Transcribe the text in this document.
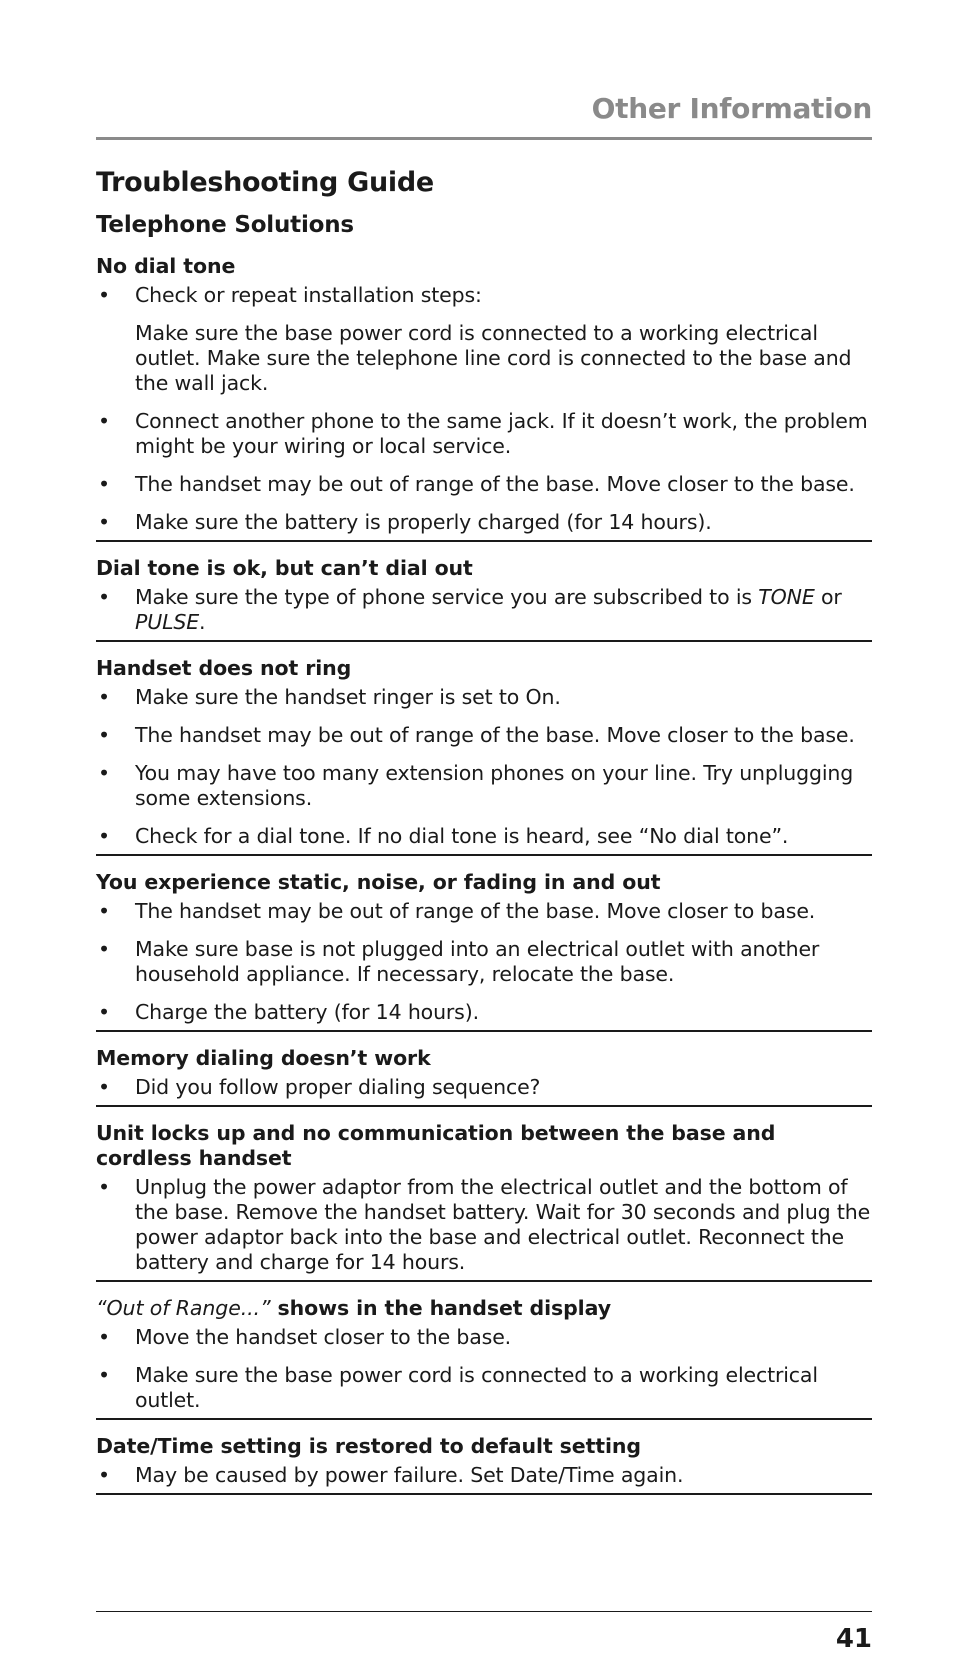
Other Information
Troubleshooting Guide
Telephone Solutions
No dial tone
• Check or repeat installation steps:
Make sure the base power cord is connected to a working electrical outlet. Make sure the telephone line cord is connected to the base and the wall jack.
• Connect another phone to the same jack. If it doesn’t work, the problem might be your wiring or local service.
• The handset may be out of range of the base. Move closer to the base.
• Make sure the battery is properly charged (for 14 hours).
Dial tone is ok, but can’t dial out
• Make sure the type of phone service you are subscribed to is TONE or PULSE.
Handset does not ring
• Make sure the handset ringer is set to On.
• The handset may be out of range of the base. Move closer to the base.
• You may have too many extension phones on your line. Try unplugging some extensions.
• Check for a dial tone. If no dial tone is heard, see “No dial tone”.
You experience static, noise, or fading in and out
• The handset may be out of range of the base. Move closer to base.
• Make sure base is not plugged into an electrical outlet with another household appliance. If necessary, relocate the base.
• Charge the battery (for 14 hours).
Memory dialing doesn’t work
• Did you follow proper dialing sequence?
Unit locks up and no communication between the base and cordless handset
• Unplug the power adaptor from the electrical outlet and the bottom of the base. Remove the handset battery. Wait for 30 seconds and plug the power adaptor back into the base and electrical outlet. Reconnect the battery and charge for 14 hours.
“Out of Range...” shows in the handset display
• Move the handset closer to the base.
• Make sure the base power cord is connected to a working electrical outlet.
Date/Time setting is restored to default setting
• May be caused by power failure. Set Date/Time again.
41
